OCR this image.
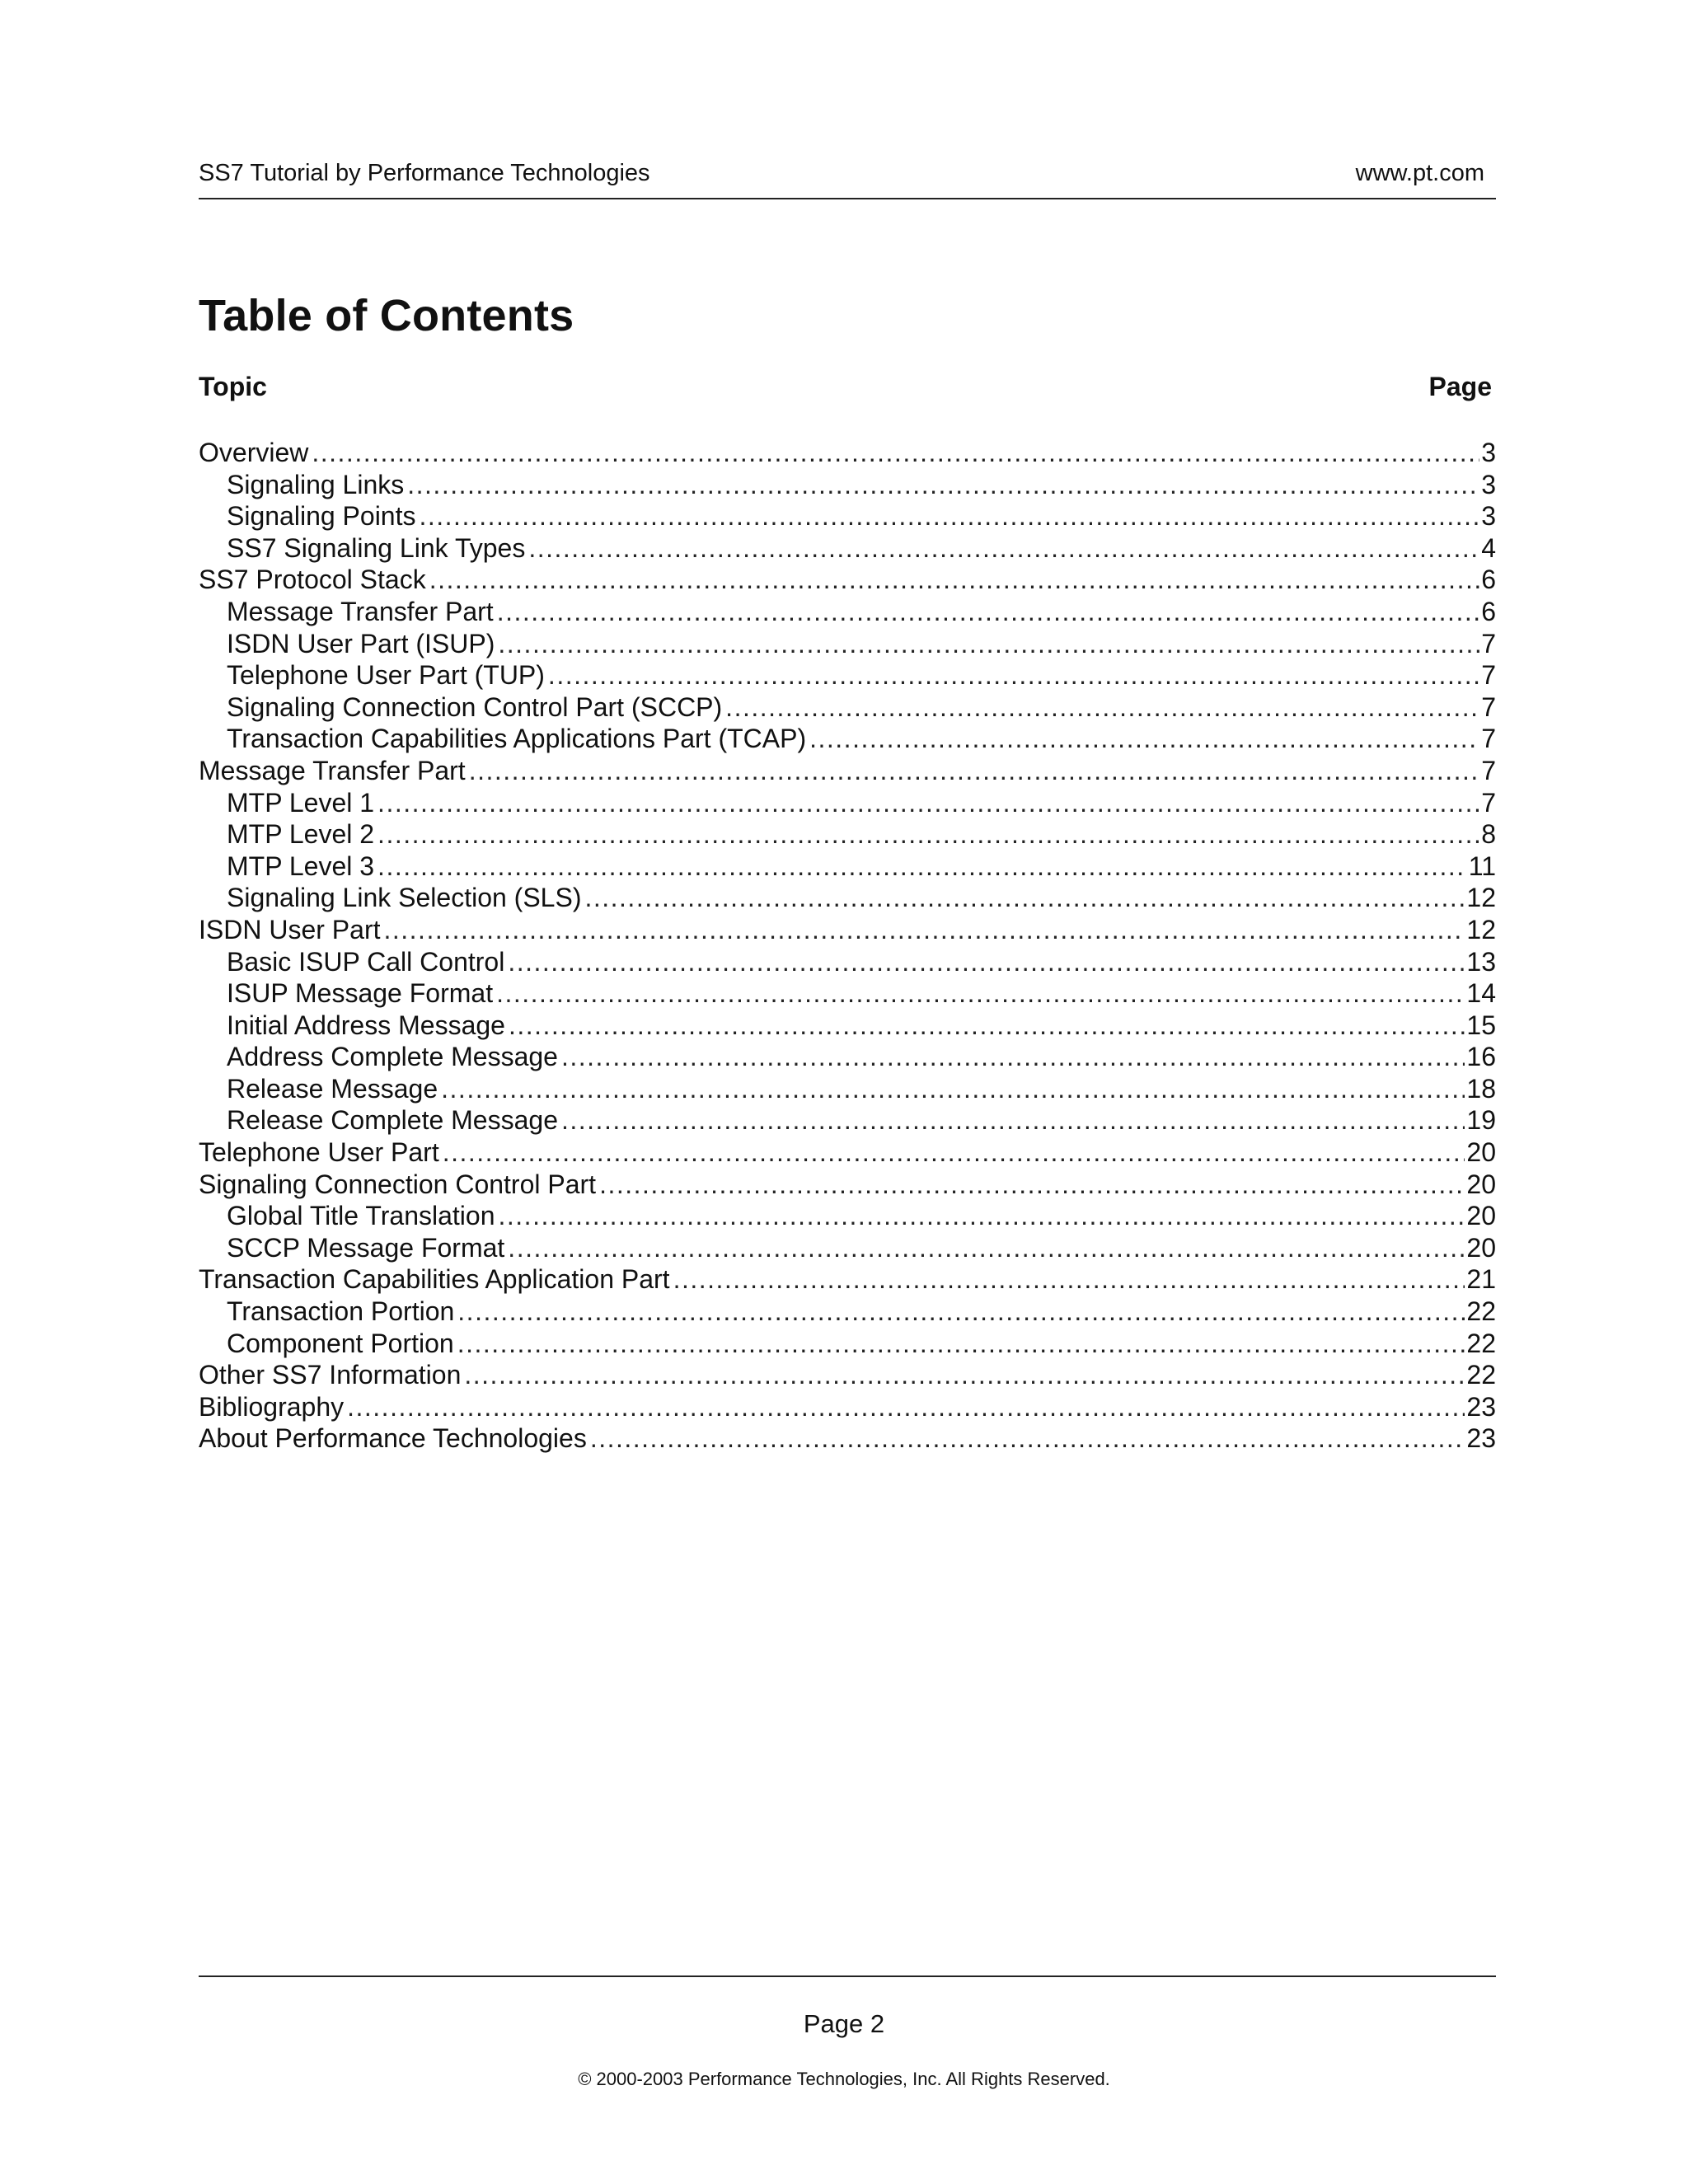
SS7 Tutorial by Performance Technologies	www.pt.com
Table of Contents
Topic	Page
Overview .....	3
Signaling Links .....	3
Signaling Points .....	3
SS7 Signaling Link Types .....	4
SS7 Protocol Stack .....	6
Message Transfer Part .....	6
ISDN User Part (ISUP) .....	7
Telephone User Part (TUP) .....	7
Signaling Connection Control Part (SCCP) .....	7
Transaction Capabilities Applications Part (TCAP) .....	7
Message Transfer Part .....	7
MTP Level 1 .....	7
MTP Level 2 .....	8
MTP Level 3 .....	11
Signaling Link Selection (SLS) .....	12
ISDN User Part .....	12
Basic ISUP Call Control .....	13
ISUP Message Format .....	14
Initial Address Message .....	15
Address Complete Message .....	16
Release Message .....	18
Release Complete Message .....	19
Telephone User Part .....	20
Signaling Connection Control Part .....	20
Global Title Translation .....	20
SCCP Message Format .....	20
Transaction Capabilities Application Part .....	21
Transaction Portion .....	22
Component Portion .....	22
Other SS7 Information .....	22
Bibliography .....	23
About Performance Technologies .....	23
Page 2
© 2000-2003 Performance Technologies, Inc. All Rights Reserved.
